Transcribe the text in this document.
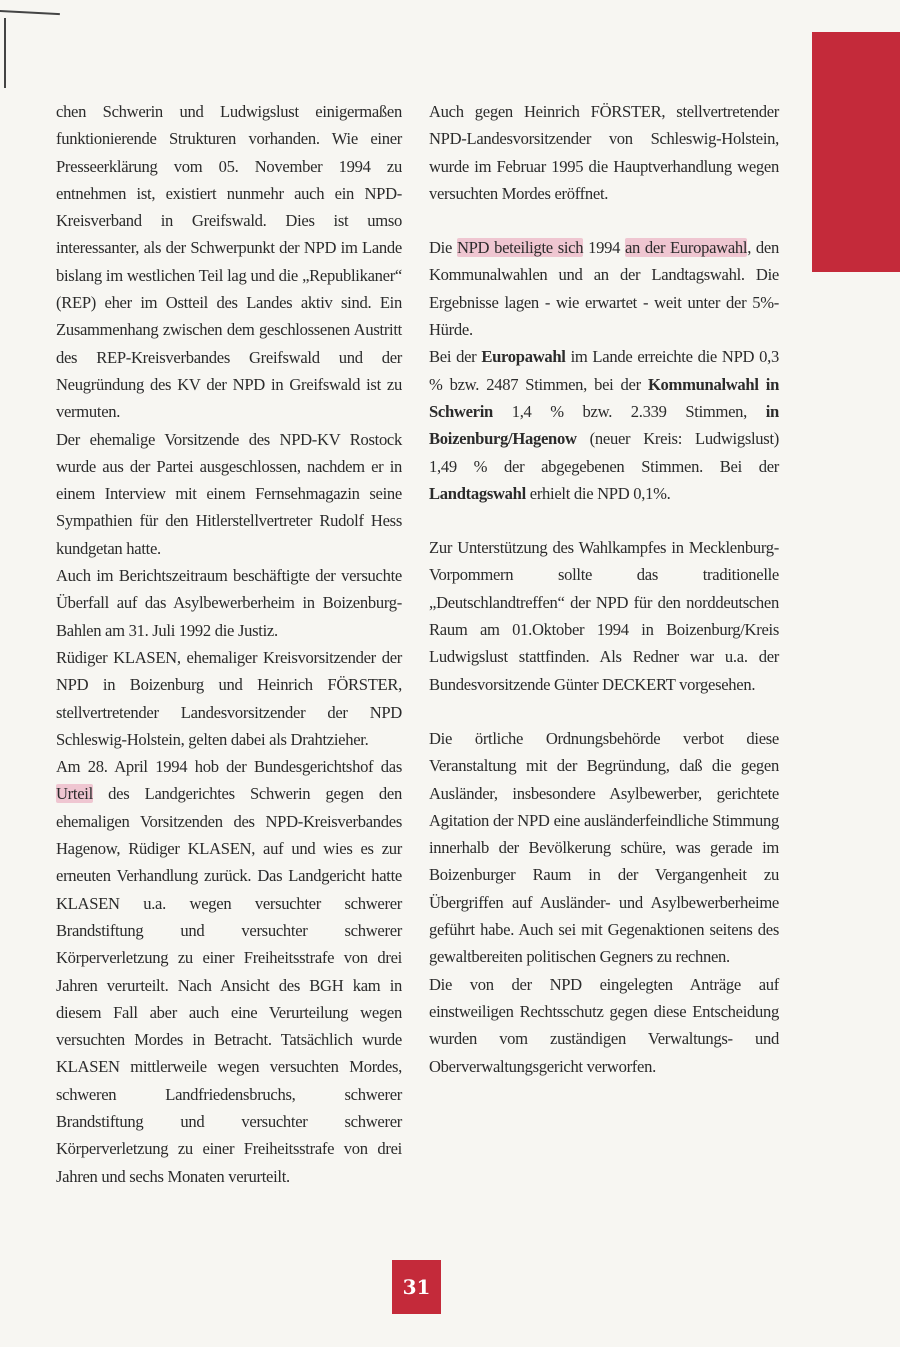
chen Schwerin und Ludwigslust einigermaßen funktionierende Strukturen vorhanden. Wie einer Presseerklärung vom 05. November 1994 zu entnehmen ist, existiert nunmehr auch ein NPD-Kreisverband in Greifswald. Dies ist umso interessanter, als der Schwerpunkt der NPD im Lande bislang im westlichen Teil lag und die „Republikaner“ (REP) eher im Ostteil des Landes aktiv sind. Ein Zusammenhang zwischen dem geschlossenen Austritt des REP-Kreisverbandes Greifswald und der Neugründung des KV der NPD in Greifswald ist zu vermuten.

Der ehemalige Vorsitzende des NPD-KV Rostock wurde aus der Partei ausgeschlossen, nachdem er in einem Interview mit einem Fernsehmagazin seine Sympathien für den Hitlerstellvertreter Rudolf Hess kundgetan hatte.

Auch im Berichtszeitraum beschäftigte der versuchte Überfall auf das Asylbewerberheim in Boizenburg-Bahlen am 31. Juli 1992 die Justiz.

Rüdiger KLASEN, ehemaliger Kreisvorsitzender der NPD in Boizenburg und Heinrich FÖRSTER, stellvertretender Landesvorsitzender der NPD Schleswig-Holstein, gelten dabei als Drahtzieher.

Am 28. April 1994 hob der Bundesgerichtshof das Urteil des Landgerichtes Schwerin gegen den ehemaligen Vorsitzenden des NPD-Kreisverbandes Hagenow, Rüdiger KLASEN, auf und wies es zur erneuten Verhandlung zurück. Das Landgericht hatte KLASEN u.a. wegen versuchter schwerer Brandstiftung und versuchter schwerer Körperverletzung zu einer Freiheitsstrafe von drei Jahren verurteilt. Nach Ansicht des BGH kam in diesem Fall aber auch eine Verurteilung wegen versuchten Mordes in Betracht. Tatsächlich wurde KLASEN mittlerweile wegen versuchten Mordes, schweren Landfriedensbruchs, schwerer Brandstiftung und versuchter schwerer Körperverletzung zu einer Freiheitsstrafe von drei Jahren und sechs Monaten verurteilt.

Auch gegen Heinrich FÖRSTER, stellvertretender NPD-Landesvorsitzender von Schleswig-Holstein, wurde im Februar 1995 die Hauptverhandlung wegen versuchten Mordes eröffnet.

Die NPD beteiligte sich 1994 an der Europawahl, den Kommunalwahlen und an der Landtagswahl. Die Ergebnisse lagen - wie erwartet - weit unter der 5%-Hürde.

Bei der Europawahl im Lande erreichte die NPD 0,3 % bzw. 2487 Stimmen, bei der Kommunalwahl in Schwerin 1,4 % bzw. 2.339 Stimmen, in Boizenburg/Hagenow (neuer Kreis: Ludwigslust) 1,49 % der abgegebenen Stimmen. Bei der Landtagswahl erhielt die NPD 0,1%.

Zur Unterstützung des Wahlkampfes in Mecklenburg-Vorpommern sollte das traditionelle „Deutschlandtreffen“ der NPD für den norddeutschen Raum am 01.Oktober 1994 in Boizenburg/Kreis Ludwigslust stattfinden. Als Redner war u.a. der Bundesvorsitzende Günter DECKERT vorgesehen.

Die örtliche Ordnungsbehörde verbot diese Veranstaltung mit der Begründung, daß die gegen Ausländer, insbesondere Asylbewerber, gerichtete Agitation der NPD eine ausländerfeindliche Stimmung innerhalb der Bevölkerung schüre, was gerade im Boizenburger Raum in der Vergangenheit zu Übergriffen auf Ausländer- und Asylbewerberheime geführt habe. Auch sei mit Gegenaktionen seitens des gewaltbereiten politischen Gegners zu rechnen.

Die von der NPD eingelegten Anträge auf einstweiligen Rechtsschutz gegen diese Entscheidung wurden vom zuständigen Verwaltungs- und Oberverwaltungsgericht verworfen.

31
